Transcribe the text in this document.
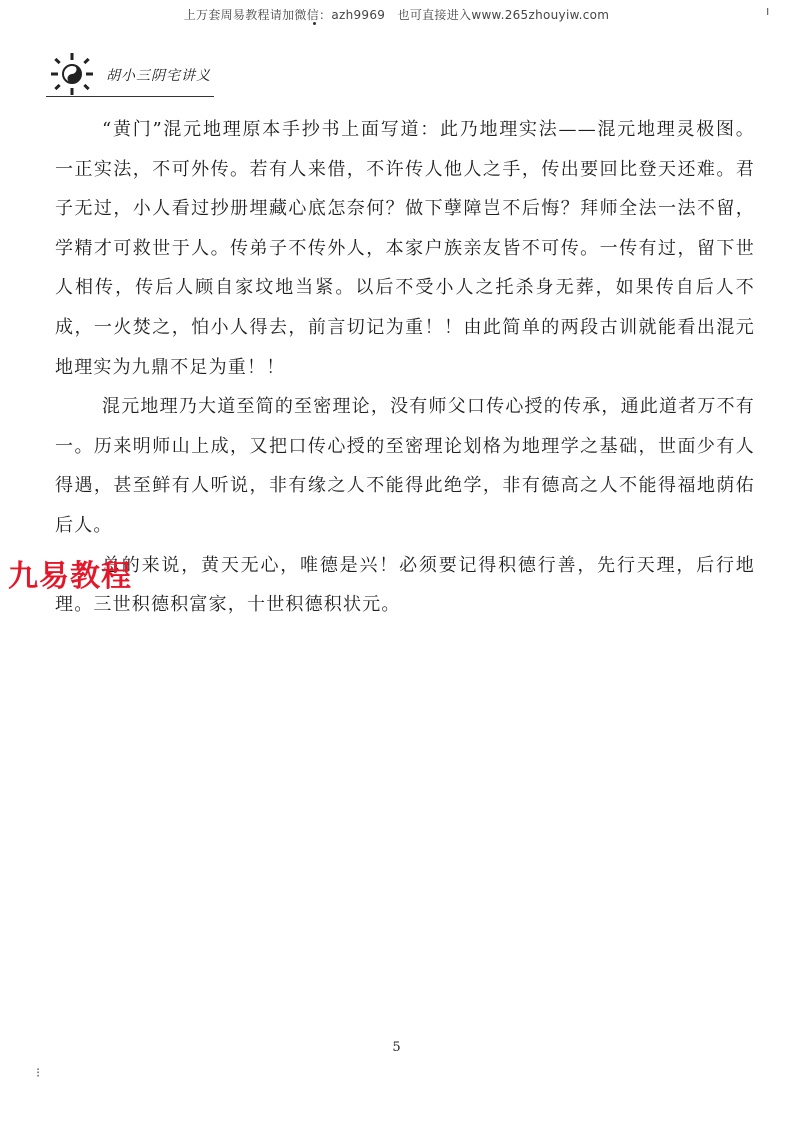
上万套周易教程请加微信：azh9969　也可直接进入www.265zhouyiw.com	ı
胡小三阴宅讲义

“黄门”混元地理原本手抄书上面写道：此乃地理实法——混元地理灵极图。一正实法，不可外传。若有人来借，不许传人他人之手，传出要回比登天还难。君子无过，小人看过抄册埋藏心底怎奈何？做下孽障岂不后悔？拜师全法一法不留，学精才可救世于人。传弟子不传外人，本家户族亲友皆不可传。一传有过，留下世人相传，传后人顾自家坟地当紧。以后不受小人之托杀身无葬，如果传自后人不成，一火焚之，怕小人得去，前言切记为重！！由此简单的两段古训就能看出混元地理实为九鼎不足为重！！

混元地理乃大道至简的至密理论，没有师父口传心授的传承，通此道者万不有一。历来明师山上成，又把口传心授的至密理论划格为地理学之基础，世面少有人得遇，甚至鲜有人听说，非有缘之人不能得此绝学，非有德高之人不能得福地荫佑后人。

总的来说，黄天无心，唯德是兴！必须要记得积德行善，先行天理，后行地理。三世积德积富家，十世积德积状元。

九易教程
5
⁝
